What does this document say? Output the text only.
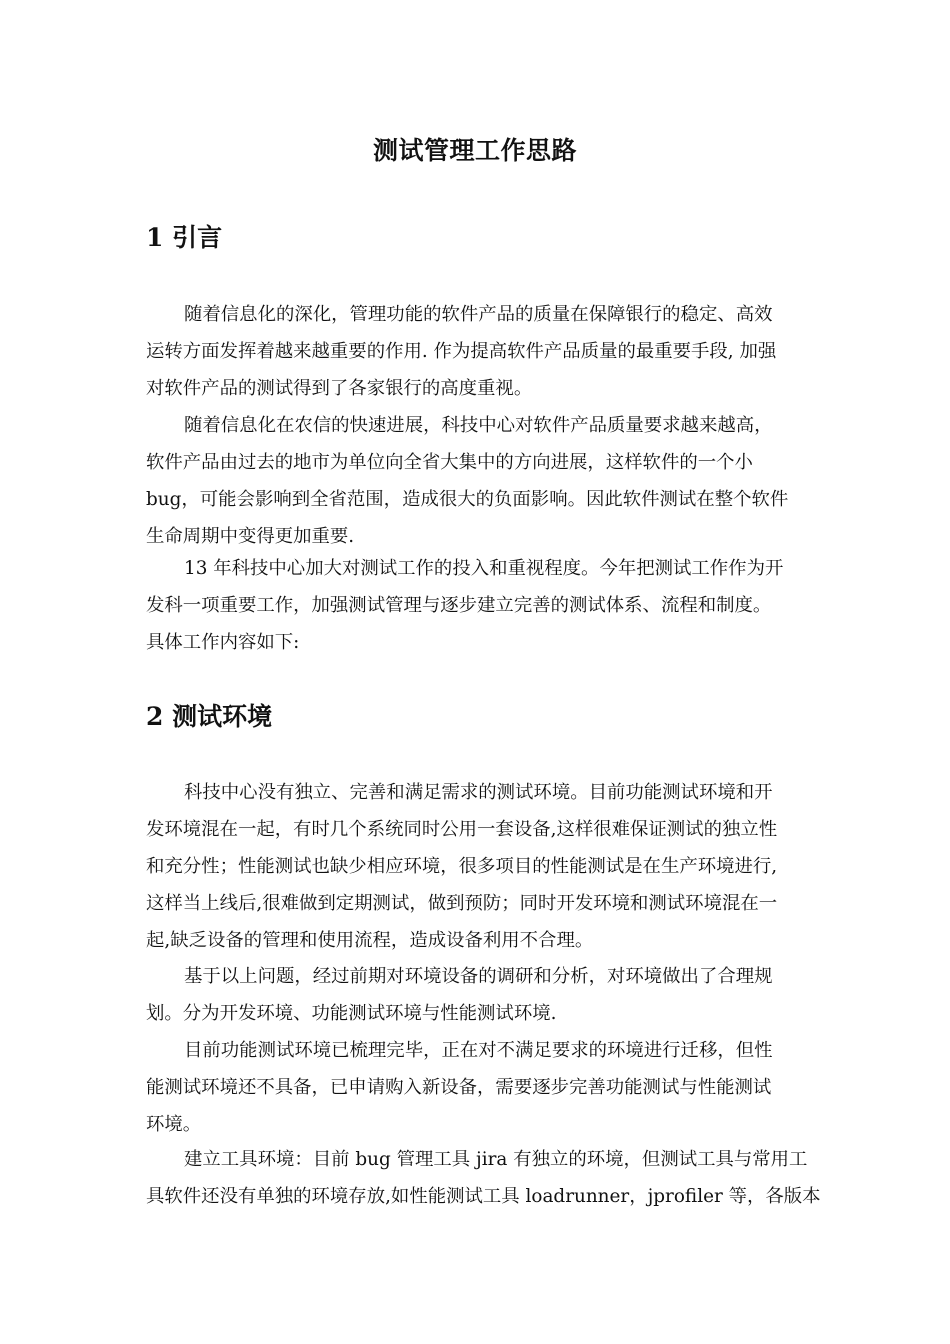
测试管理工作思路
1 引言

随着信息化的深化，管理功能的软件产品的质量在保障银行的稳定、高效
运转方面发挥着越来越重要的作用. 作为提高软件产品质量的最重要手段, 加强
对软件产品的测试得到了各家银行的高度重视。

随着信息化在农信的快速进展，科技中心对软件产品质量要求越来越高，
软件产品由过去的地市为单位向全省大集中的方向进展，这样软件的一个小
bug，可能会影响到全省范围，造成很大的负面影响。因此软件测试在整个软件
生命周期中变得更加重要.

13 年科技中心加大对测试工作的投入和重视程度。今年把测试工作作为开
发科一项重要工作，加强测试管理与逐步建立完善的测试体系、流程和制度。
具体工作内容如下:

2 测试环境

科技中心没有独立、完善和满足需求的测试环境。目前功能测试环境和开
发环境混在一起，有时几个系统同时公用一套设备,这样很难保证测试的独立性
和充分性；性能测试也缺少相应环境，很多项目的性能测试是在生产环境进行,
这样当上线后,很难做到定期测试，做到预防；同时开发环境和测试环境混在一
起,缺乏设备的管理和使用流程，造成设备利用不合理。

基于以上问题，经过前期对环境设备的调研和分析，对环境做出了合理规
划。分为开发环境、功能测试环境与性能测试环境.

目前功能测试环境已梳理完毕，正在对不满足要求的环境进行迁移，但性
能测试环境还不具备，已申请购入新设备，需要逐步完善功能测试与性能测试
环境。

建立工具环境：目前 bug 管理工具 jira 有独立的环境，但测试工具与常用工
具软件还没有单独的环境存放,如性能测试工具 loadrunner，jprofiler 等，各版本
